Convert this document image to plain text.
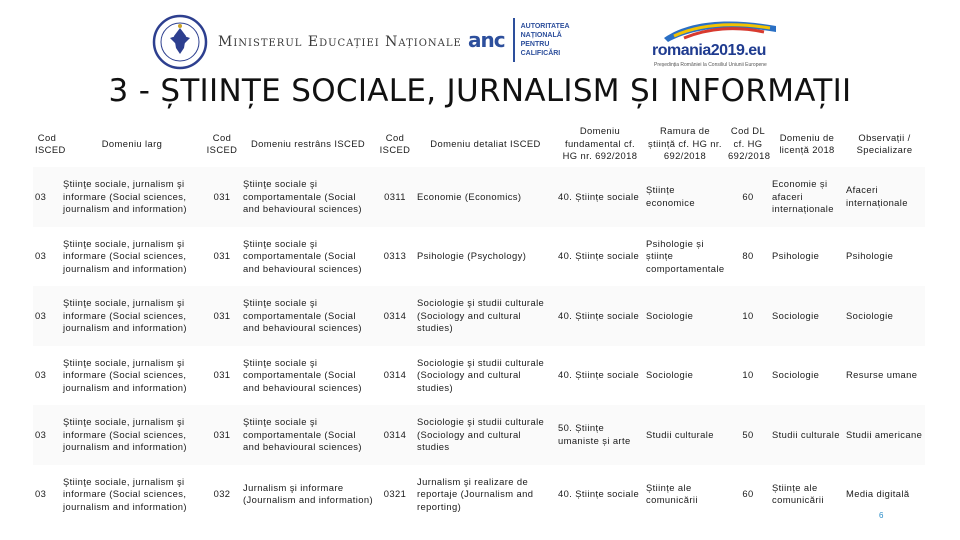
Ministerul Educației Naționale anc
AUTORITATEA
NAȚIONALĂ
PENTRU
CALIFICĂRI	romania2019.eu
Președinția României la Consiliul Uniunii Europene
3 - ȘTIINȚE SOCIALE, JURNALISM ȘI INFORMAȚII
Cod ISCED	Domeniu larg	Cod ISCED	Domeniu restrâns ISCED	Cod ISCED	Domeniu detaliat ISCED	Domeniu fundamental cf. HG nr. 692/2018	Ramura de știință cf. HG nr. 692/2018	Cod DL cf. HG 692/2018	Domeniu de licență 2018	Observații / Specializare
03	Ştiinţe sociale, jurnalism şi informare (Social sciences, journalism and information)	031	Ştiinţe sociale şi comportamentale (Social and behavioural sciences)	0311	Economie (Economics)	40. Științe sociale	Științe economice	60	Economie și afaceri internaționale	Afaceri internaționale
03	Ştiinţe sociale, jurnalism şi informare (Social sciences, journalism and information)	031	Ştiinţe sociale şi comportamentale (Social and behavioural sciences)	0313	Psihologie (Psychology)	40. Științe sociale	Psihologie și științe comportamentale	80	Psihologie	Psihologie
03	Ştiinţe sociale, jurnalism şi informare (Social sciences, journalism and information)	031	Ştiinţe sociale şi comportamentale (Social and behavioural sciences)	0314	Sociologie şi studii culturale (Sociology and cultural studies)	40. Științe sociale	Sociologie	10	Sociologie	Sociologie
03	Ştiinţe sociale, jurnalism şi informare (Social sciences, journalism and information)	031	Ştiinţe sociale şi comportamentale (Social and behavioural sciences)	0314	Sociologie şi studii culturale (Sociology and cultural studies)	40. Științe sociale	Sociologie	10	Sociologie	Resurse umane
03	Ştiinţe sociale, jurnalism şi informare (Social sciences, journalism and information)	031	Ştiinţe sociale şi comportamentale (Social and behavioural sciences)	0314	Sociologie şi studii culturale (Sociology and cultural studies	50. Științe umaniste și arte	Studii culturale	50	Studii culturale	Studii americane
03	Ştiinţe sociale, jurnalism şi informare (Social sciences, journalism and information)	032	Jurnalism şi informare (Journalism and information)	0321	Jurnalism şi realizare de reportaje (Journalism and reporting)	40. Științe sociale	Științe ale comunicării	60	Științe ale comunicării	Media digitală
6
